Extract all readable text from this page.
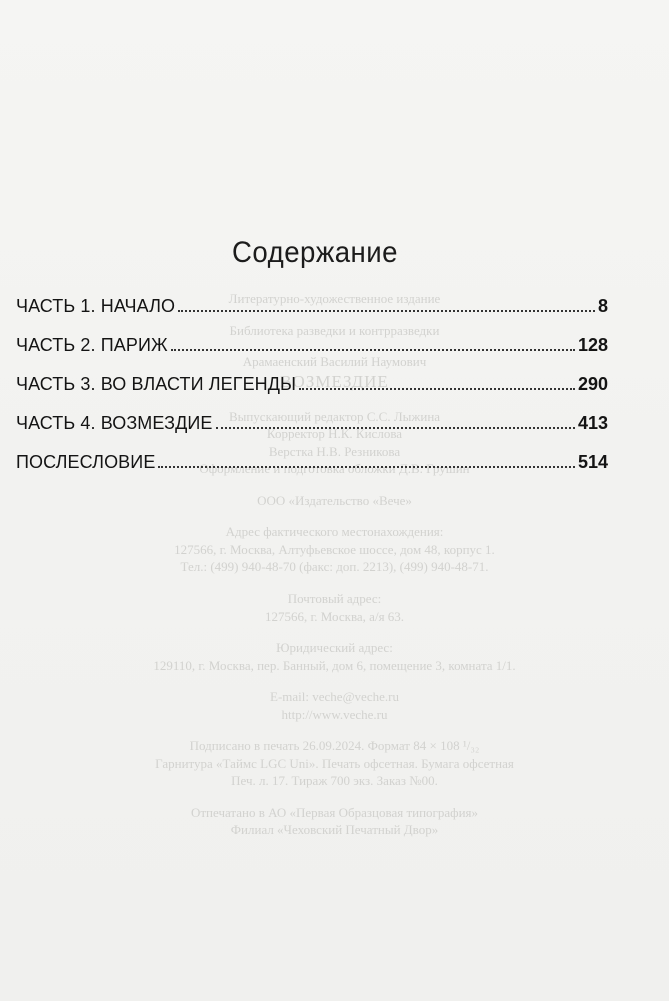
Литературно-художественное издание

Библиотека разведки и контрразведки

Арамаенский Василий Наумович

ВОЗМЕЗДИЕ

Выпускающий редактор С.С. Лыжина

Корректор Н.К. Кислова

Верстка Н.В. Резникова

Оформление и подготовка обложки Д.В. Грушин

ООО «Издательство «Вече»

Адрес фактического местонахождения:

127566, г. Москва, Алтуфьевское шоссе, дом 48, корпус 1.

Тел.: (499) 940-48-70 (факс: доп. 2213), (499) 940-48-71.

Почтовый адрес:

127566, г. Москва, а/я 63.

Юридический адрес:

129110, г. Москва, пер. Банный, дом 6, помещение 3, комната 1/1.

E-mail: veche@veche.ru

http://www.veche.ru

Подписано в печать 26.09.2024. Формат 84 × 108 ¹/₃₂

Гарнитура «Таймс LGC Uni». Печать офсетная. Бумага офсетная

Печ. л. 17. Тираж 700 экз. Заказ №00.

Отпечатано в АО «Первая Образцовая типография»

Филиал «Чеховский Печатный Двор»

Содержание
ЧАСТЬ 1. НАЧАЛО	8
ЧАСТЬ 2. ПАРИЖ	128
ЧАСТЬ 3. ВО ВЛАСТИ ЛЕГЕНДЫ	290
ЧАСТЬ 4. ВОЗМЕЗДИЕ	413
ПОСЛЕСЛОВИЕ	514
